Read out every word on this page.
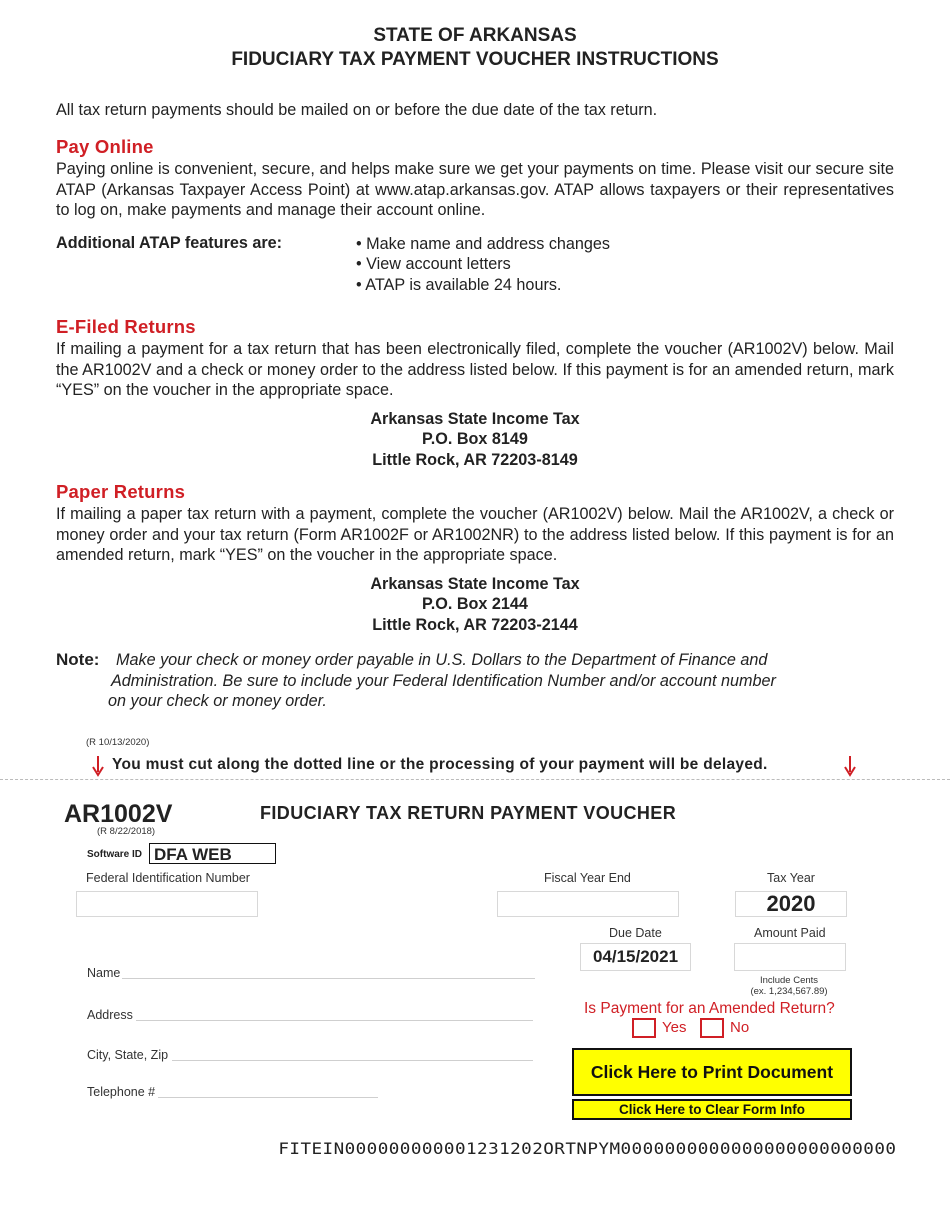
STATE OF ARKANSAS
FIDUCIARY TAX PAYMENT VOUCHER INSTRUCTIONS
All tax return payments should be mailed on or before the due date of the tax return.
Pay Online
Paying online is convenient, secure, and helps make sure we get your payments on time. Please visit our secure site ATAP (Arkansas Taxpayer Access Point) at www.atap.arkansas.gov. ATAP allows taxpayers or their representatives to log on, make payments and manage their account online.
Additional ATAP features are:	• Make name and address changes
• View account letters
• ATAP is available 24 hours.
E-Filed Returns
If mailing a payment for a tax return that has been electronically filed, complete the voucher (AR1002V) below. Mail the AR1002V and a check or money order to the address listed below. If this payment is for an amended return, mark “YES” on the voucher in the appropriate space.
Arkansas State Income Tax
P.O. Box 8149
Little Rock, AR 72203-8149
Paper Returns
If mailing a paper tax return with a payment, complete the voucher (AR1002V) below. Mail the AR1002V, a check or money order and your tax return (Form AR1002F or AR1002NR) to the address listed below. If this payment is for an amended return, mark “YES” on the voucher in the appropriate space.
Arkansas State Income Tax
P.O. Box 2144
Little Rock, AR 72203-2144
Note: Make your check or money order payable in U.S. Dollars to the Department of Finance and
Administration. Be sure to include your Federal Identification Number and/or account number
on your check or money order.
(R 10/13/2020)
You must cut along the dotted line or the processing of your payment will be delayed.
AR1002V
(R 8/22/2018)
FIDUCIARY TAX RETURN PAYMENT VOUCHER
Software ID DFA WEB
Federal Identification Number
Name
Address
City, State, Zip
Telephone #
Fiscal Year End	Tax Year
2020
Due Date
04/15/2021
Amount Paid
Include Cents
(ex. 1,234,567.89)
Is Payment for an Amended Return?
Yes	No
Click Here to Print Document
Click Here to Clear Form Info
FITEIN000000000001231202ORTNPYM0000000000000000000000000
